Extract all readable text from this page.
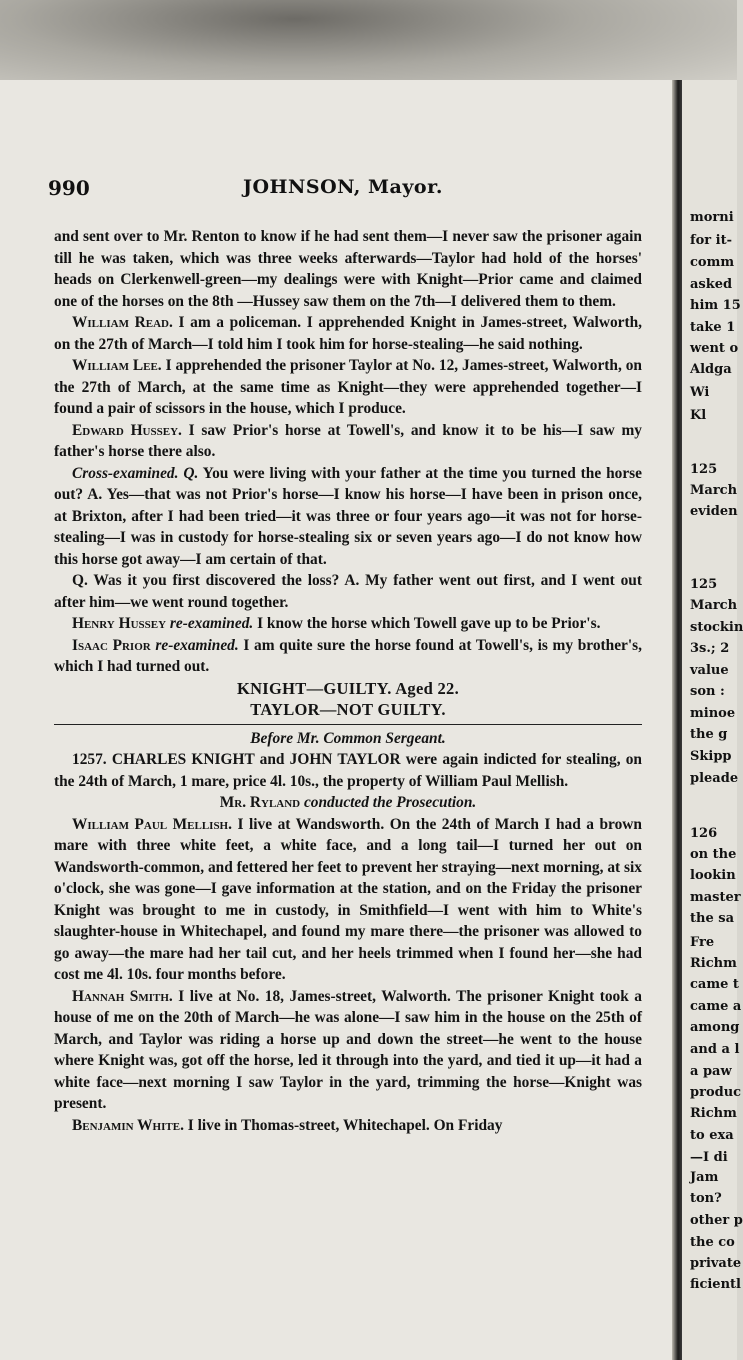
morni
for it-
comm
asked
him 15
take 1
went o
Aldga
Wi
Kl
125
March
eviden
125
March
stockin
3s.; 2
value
son :
minoe
the g
Skipp
pleade
126
on the
lookin
master
the sa
Fre
Richm
came t
came a
among
and a l
a paw
produc
Richm
to exa
—I di
Jam
ton?
other p
the co
private
ficientl
990	JOHNSON, Mayor.

and sent over to Mr. Renton to know if he had sent them—I never saw the prisoner again till he was taken, which was three weeks afterwards—Taylor had hold of the horses' heads on Clerkenwell-green—my dealings were with Knight—Prior came and claimed one of the horses on the 8th —Hussey saw them on the 7th—I delivered them to them.

William Read. I am a policeman. I apprehended Knight in James-street, Walworth, on the 27th of March—I told him I took him for horse-stealing—he said nothing.

William Lee. I apprehended the prisoner Taylor at No. 12, James-street, Walworth, on the 27th of March, at the same time as Knight—they were apprehended together—I found a pair of scissors in the house, which I produce.

Edward Hussey. I saw Prior's horse at Towell's, and know it to be his—I saw my father's horse there also.

Cross-examined. Q. You were living with your father at the time you turned the horse out? A. Yes—that was not Prior's horse—I know his horse—I have been in prison once, at Brixton, after I had been tried—it was three or four years ago—it was not for horse-stealing—I was in custody for horse-stealing six or seven years ago—I do not know how this horse got away—I am certain of that.

Q. Was it you first discovered the loss? A. My father went out first, and I went out after him—we went round together.

Henry Hussey re-examined. I know the horse which Towell gave up to be Prior's.

Isaac Prior re-examined. I am quite sure the horse found at Towell's, is my brother's, which I had turned out.

KNIGHT—GUILTY. Aged 22.

TAYLOR—NOT GUILTY.

Before Mr. Common Sergeant.

1257. CHARLES KNIGHT and JOHN TAYLOR were again indicted for stealing, on the 24th of March, 1 mare, price 4l. 10s., the property of William Paul Mellish.

Mr. Ryland conducted the Prosecution.

William Paul Mellish. I live at Wandsworth. On the 24th of March I had a brown mare with three white feet, a white face, and a long tail—I turned her out on Wandsworth-common, and fettered her feet to prevent her straying—next morning, at six o'clock, she was gone—I gave information at the station, and on the Friday the prisoner Knight was brought to me in custody, in Smithfield—I went with him to White's slaughter-house in Whitechapel, and found my mare there—the prisoner was allowed to go away—the mare had her tail cut, and her heels trimmed when I found her—she had cost me 4l. 10s. four months before.

Hannah Smith. I live at No. 18, James-street, Walworth. The prisoner Knight took a house of me on the 20th of March—he was alone—I saw him in the house on the 25th of March, and Taylor was riding a horse up and down the street—he went to the house where Knight was, got off the horse, led it through into the yard, and tied it up—it had a white face—next morning I saw Taylor in the yard, trimming the horse—Knight was present.

Benjamin White. I live in Thomas-street, Whitechapel. On Friday
